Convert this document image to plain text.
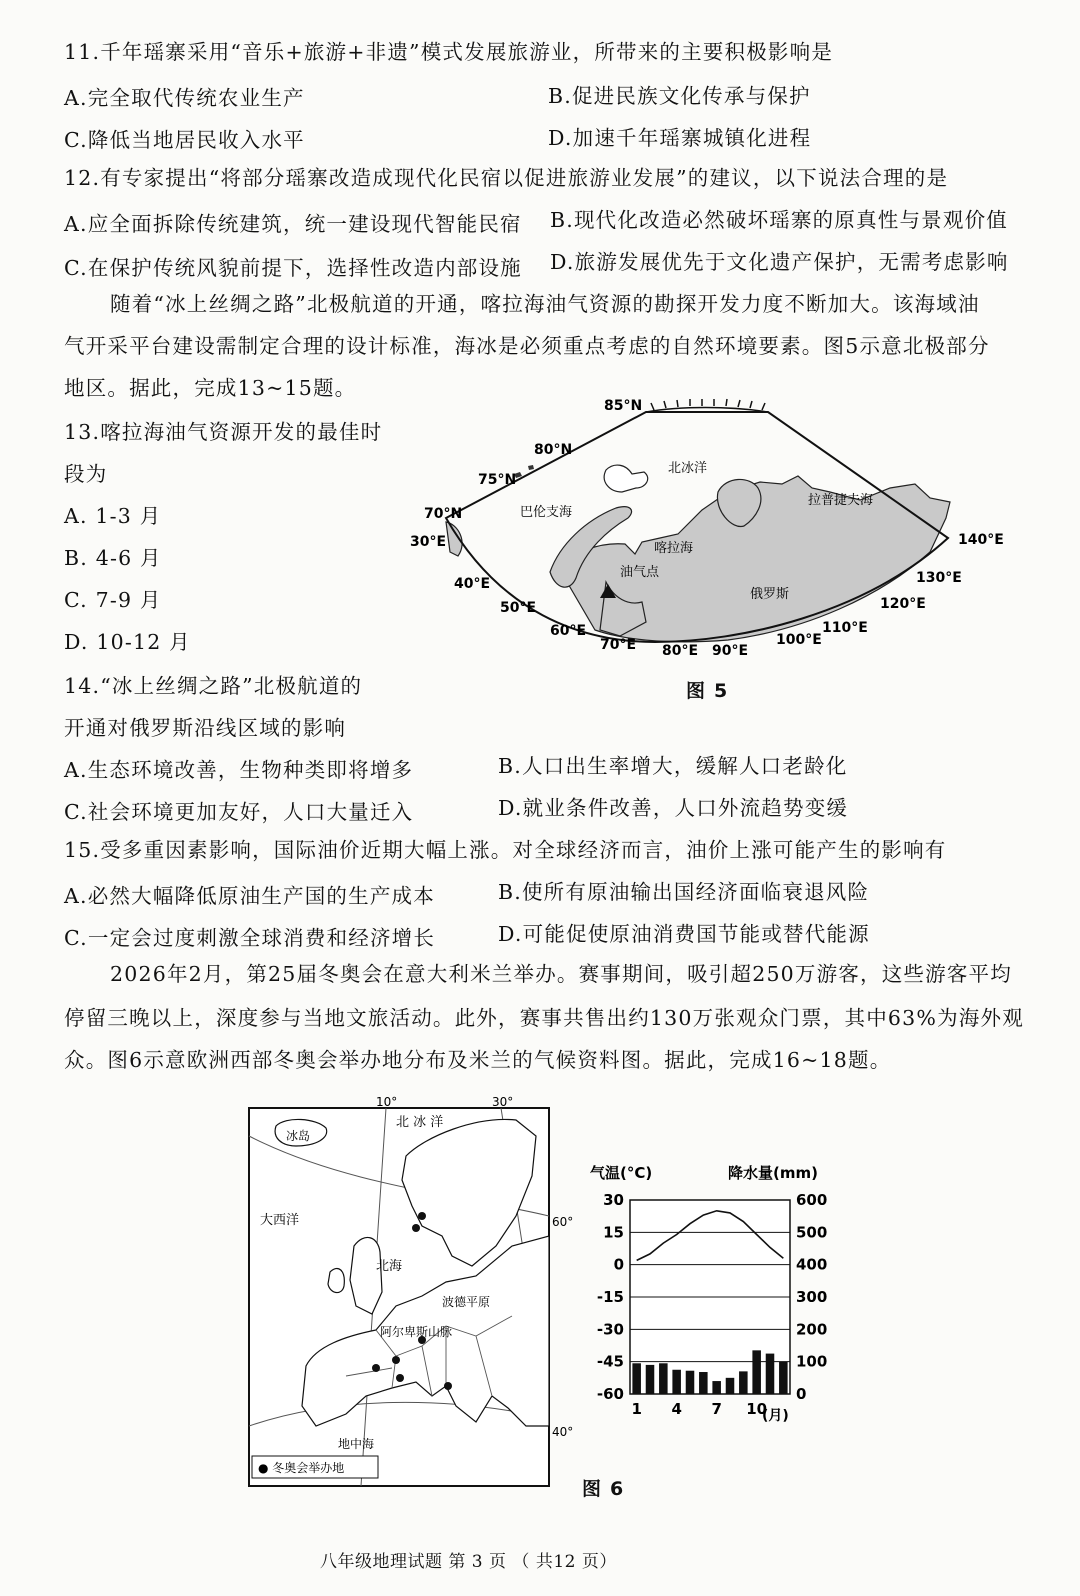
11.千年瑶寨采用“音乐+旅游+非遗”模式发展旅游业，所带来的主要积极影响是
A.完全取代传统农业生产	B.促进民族文化传承与保护
C.降低当地居民收入水平	D.加速千年瑶寨城镇化进程
12.有专家提出“将部分瑶寨改造成现代化民宿以促进旅游业发展”的建议，以下说法合理的是
A.应全面拆除传统建筑，统一建设现代智能民宿 B.现代化改造必然破坏瑶寨的原真性与景观价值
C.在保护传统风貌前提下，选择性改造内部设施 D.旅游发展优先于文化遗产保护，无需考虑影响
随着“冰上丝绸之路”北极航道的开通，喀拉海油气资源的勘探开发力度不断加大。该海域油
气开采平台建设需制定合理的设计标准，海冰是必须重点考虑的自然环境要素。图5示意北极部分
地区。据此，完成13~15题。
13.喀拉海油气资源开发的最佳时
段为
A. 1-3 月
B. 4-6 月
C. 7-9 月
D. 10-12 月
85°N
80°N
75°N
70°N
30°E
40°E
50°E
60°E
70°E 80°E 90°E
100°E
110°E
120°E
130°E
140°E
北冰洋
巴伦支海
喀拉海
拉普捷夫海
俄罗斯
油气点
图 5
14.“冰上丝绸之路”北极航道的
开通对俄罗斯沿线区域的影响
A.生态环境改善，生物种类即将增多	B.人口出生率增大，缓解人口老龄化
C.社会环境更加友好，人口大量迁入	D.就业条件改善，人口外流趋势变缓
15.受多重因素影响，国际油价近期大幅上涨。对全球经济而言，油价上涨可能产生的影响有
A.必然大幅降低原油生产国的生产成本	B.使所有原油输出国经济面临衰退风险
C.一定会过度刺激全球消费和经济增长	D.可能促使原油消费国节能或替代能源
2026年2月，第25届冬奥会在意大利米兰举办。赛事期间，吸引超250万游客，这些游客平均
停留三晚以上，深度参与当地文旅活动。此外，赛事共售出约130万张观众门票，其中63%为海外观
众。图6示意欧洲西部冬奥会举办地分布及米兰的气候资料图。据此，完成16~18题。
10°	30°
60°
40°
北 冰 洋
冰岛
大西洋
北海
波德平原
阿尔卑斯山脉
地中海
● 冬奥会举办地
气温(°C)	降水量(mm)
30
15
0
-15
-30
-45
-60
600
500
400
300
200
100
0
1 4 7 10
(月)
图 6
八年级地理试题 第 3 页 （ 共12 页）
